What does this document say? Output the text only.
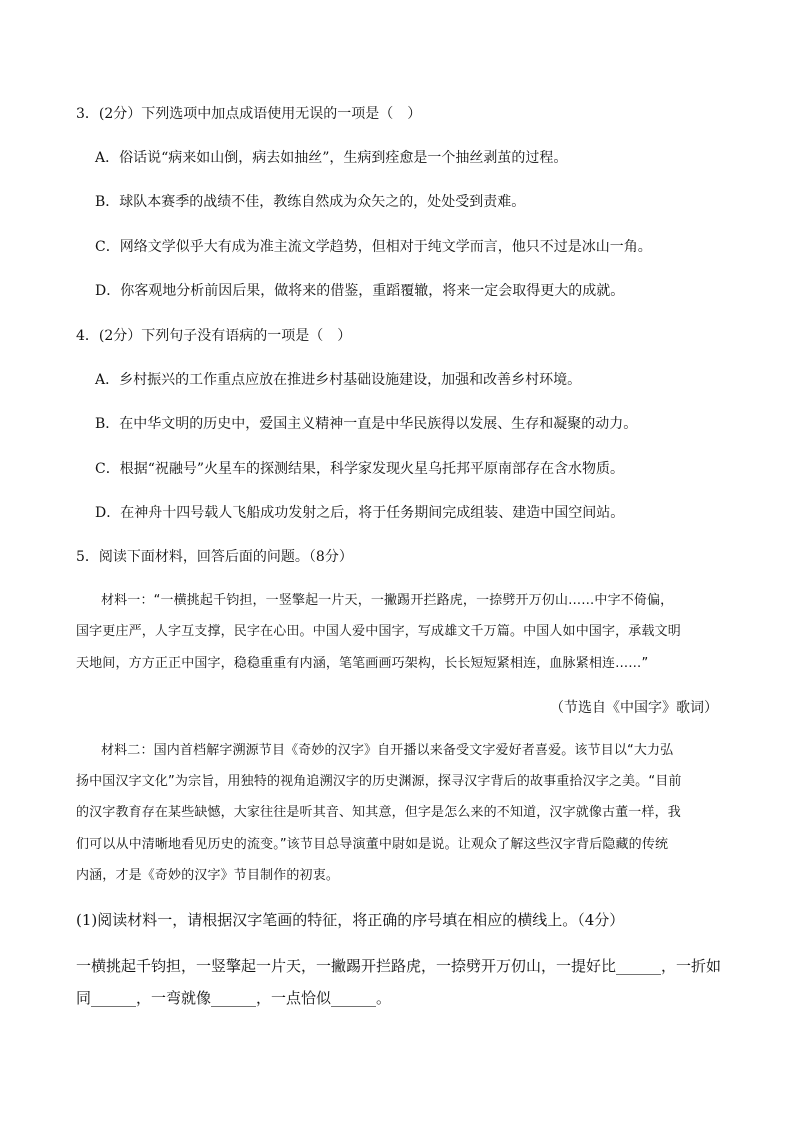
3．(2分）下列选项中加点成语使用无误的一项是（　）
A．俗话说“病来如山倒，病去如抽丝”，生病到痊愈是一个抽丝剥茧的过程。
B．球队本赛季的战绩不佳，教练自然成为众矢之的，处处受到责难。
C．网络文学似乎大有成为准主流文学趋势，但相对于纯文学而言，他只不过是冰山一角。
D．你客观地分析前因后果，做将来的借鉴，重蹈覆辙，将来一定会取得更大的成就。
4．(2分）下列句子没有语病的一项是（　）
A．乡村振兴的工作重点应放在推进乡村基础设施建设，加强和改善乡村环境。
B．在中华文明的历史中，爱国主义精神一直是中华民族得以发展、生存和凝聚的动力。
C．根据“祝融号”火星车的探测结果，科学家发现火星乌托邦平原南部存在含水物质。
D．在神舟十四号载人飞船成功发射之后，将于任务期间完成组装、建造中国空间站。
5．阅读下面材料，回答后面的问题。（8分）
材料一：“一横挑起千钧担，一竖擎起一片天，一撇踢开拦路虎，一捺劈开万仞山……中字不倚偏，
国字更庄严，人字互支撑，民字在心田。中国人爱中国字，写成雄文千万篇。中国人如中国字，承载文明
天地间，方方正正中国字，稳稳重重有内涵，笔笔画画巧架构，长长短短紧相连，血脉紧相连……”
（节选自《中国字》歌词）
材料二：国内首档解字溯源节目《奇妙的汉字》自开播以来备受文字爱好者喜爱。该节目以“大力弘
扬中国汉字文化”为宗旨，用独特的视角追溯汉字的历史渊源，探寻汉字背后的故事重拾汉字之美。“目前
的汉字教育存在某些缺憾，大家往往是听其音、知其意，但字是怎么来的不知道，汉字就像古董一样，我
们可以从中清晰地看见历史的流变。”该节目总导演董中尉如是说。让观众了解这些汉字背后隐藏的传统
内涵，才是《奇妙的汉字》节目制作的初衷。
(1)阅读材料一，请根据汉字笔画的特征，将正确的序号填在相应的横线上。（4分）
一横挑起千钧担，一竖擎起一片天，一撇踢开拦路虎，一捺劈开万仞山，一提好比______，一折如
同______，一弯就像______，一点恰似______。
